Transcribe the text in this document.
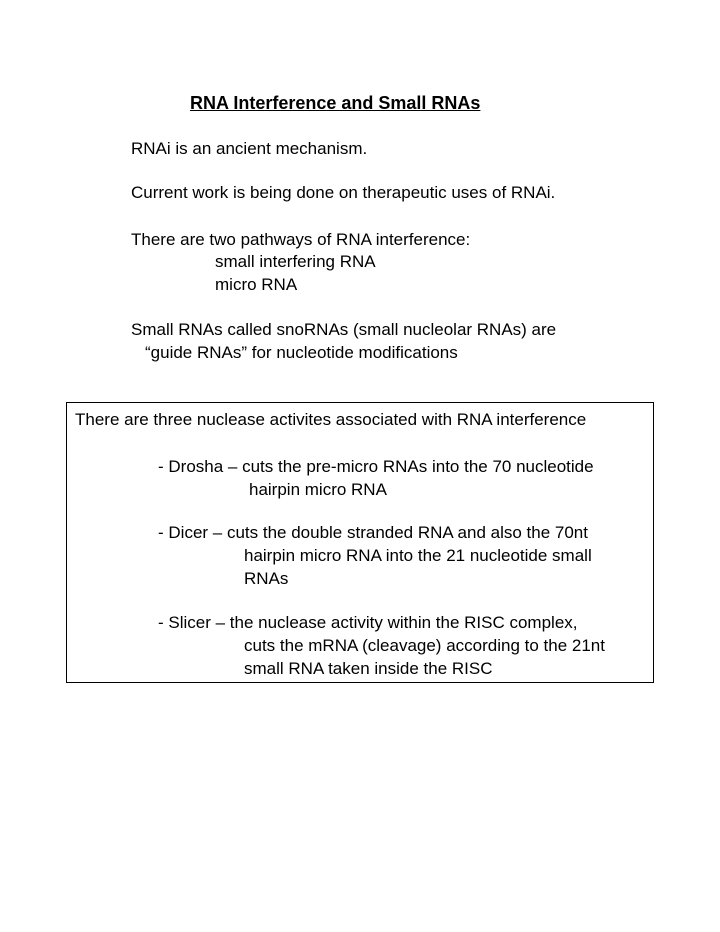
RNA Interference and Small RNAs
RNAi is an ancient mechanism.
Current work is being done on therapeutic uses of RNAi.
There are two pathways of RNA interference:
small interfering RNA
micro RNA
Small RNAs called snoRNAs (small nucleolar RNAs) are
“guide RNAs” for nucleotide modifications
There are three nuclease activites associated with RNA interference
- Drosha – cuts the pre-micro RNAs into the 70 nucleotide
hairpin micro RNA
- Dicer – cuts the double stranded RNA and also the 70nt
hairpin micro RNA into the 21 nucleotide small
RNAs
- Slicer – the nuclease activity within the RISC complex,
cuts the mRNA (cleavage) according to the 21nt
small RNA taken inside the RISC
